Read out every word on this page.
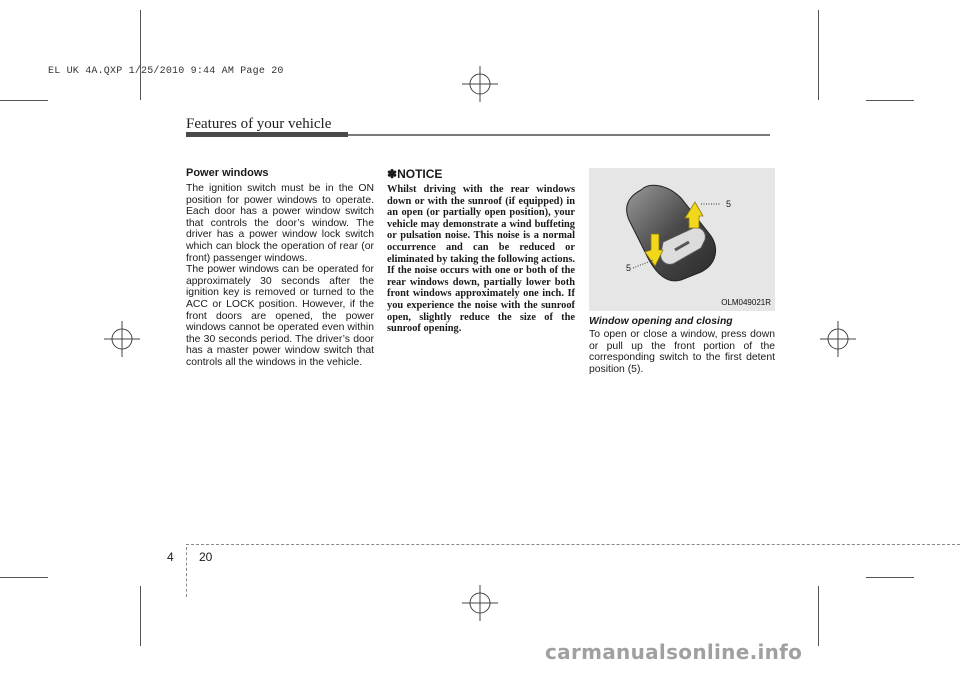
EL UK 4A.QXP 1/25/2010 9:44 AM Page 20
Features of your vehicle
Power windows
The ignition switch must be in the ON position for power windows to operate. Each door has a power window switch that controls the door’s window. The driver has a power window lock switch which can block the operation of rear (or front) passenger windows.
The power windows can be operated for approximately 30 seconds after the ignition key is removed or turned to the ACC or LOCK position. However, if the front doors are opened, the power windows cannot be operated even within the 30 seconds period. The driver’s door has a master power window switch that controls all the windows in the vehicle.
✽NOTICE
Whilst driving with the rear windows down or with the sunroof (if equipped) in an open (or partially open position), your vehicle may demonstrate a wind buffeting or pulsation noise. This noise is a normal occurrence and can be reduced or eliminated by taking the following actions. If the noise occurs with one or both of the rear windows down, partially lower both front windows approximately one inch. If you experience the noise with the sunroof open, slightly reduce the size of the sunroof opening.
5
5
OLM049021R
Window opening and closing
To open or close a window, press down or pull up the front portion of the corresponding switch to the first detent position (5).
4 20
carmanualsonline.info
